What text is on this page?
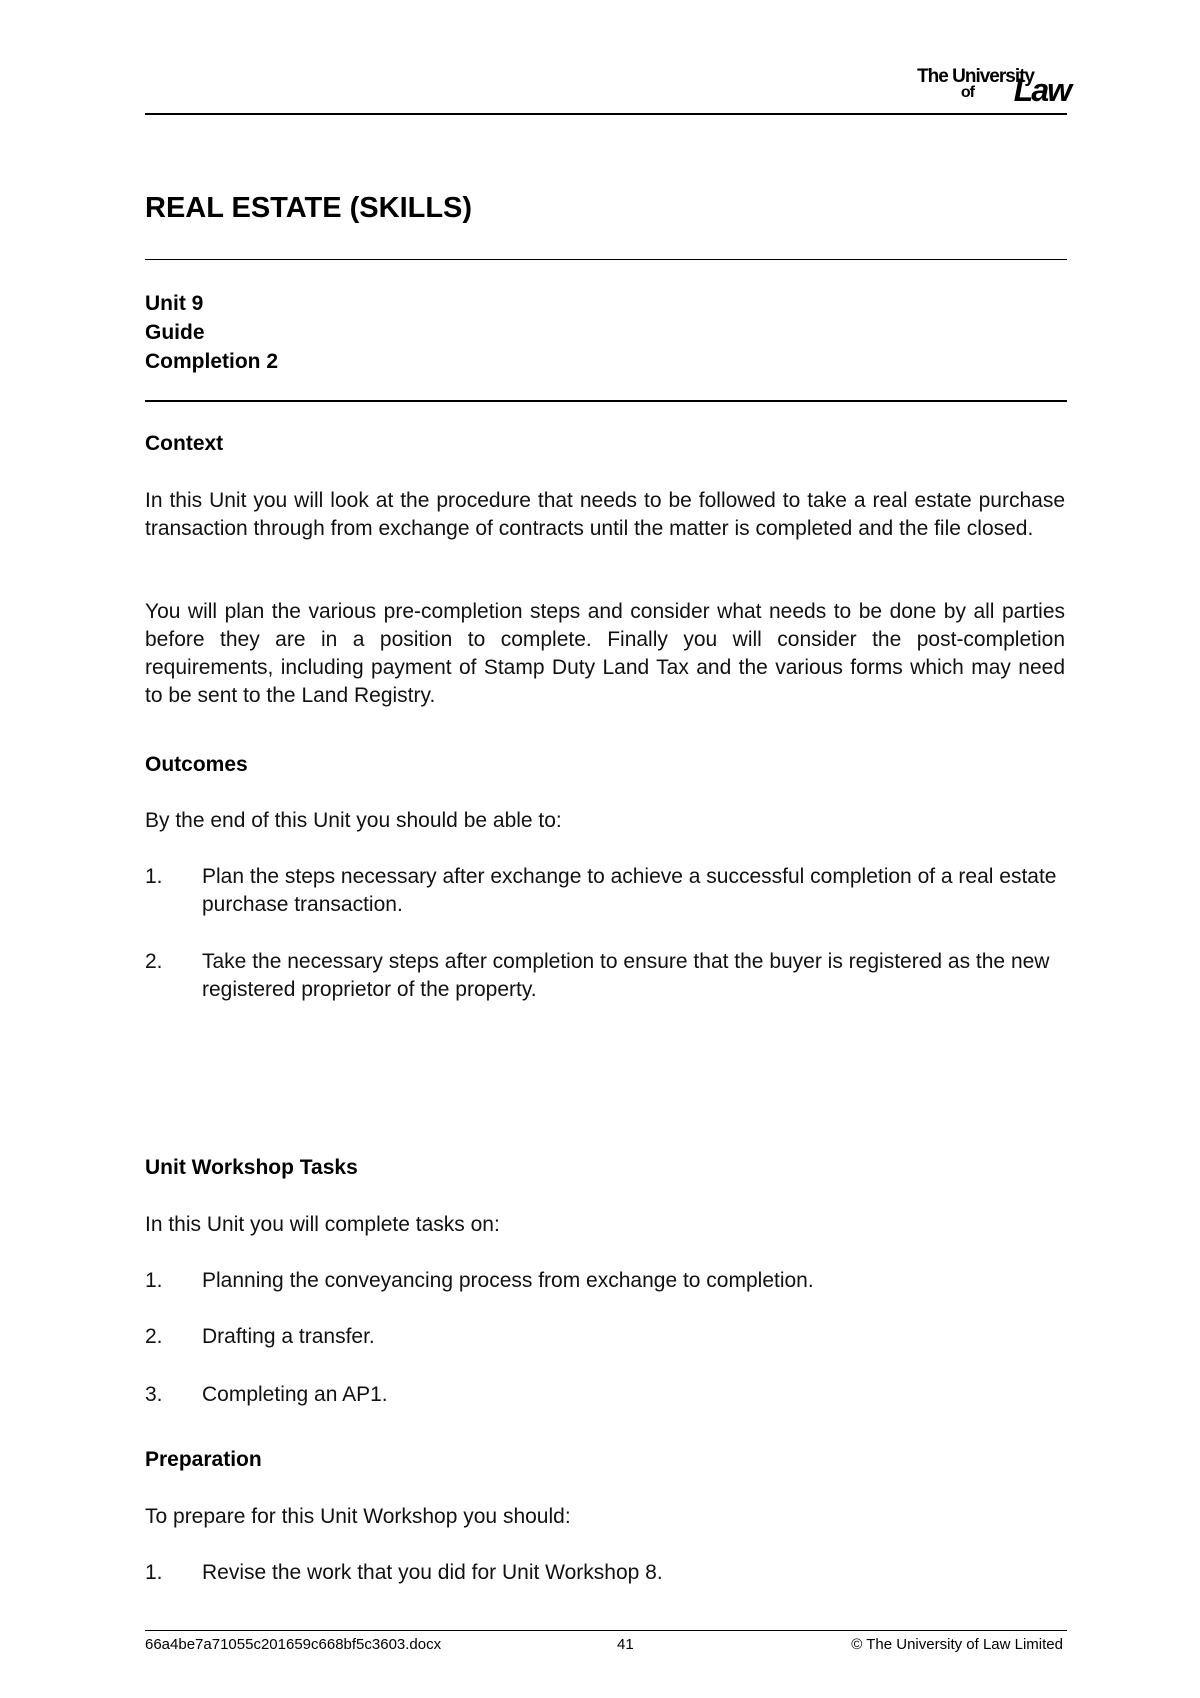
The University
of Law
REAL ESTATE (SKILLS)
Unit 9
Guide
Completion 2
Context

In this Unit you will look at the procedure that needs to be followed to take a real estate purchase transaction through from exchange of contracts until the matter is completed and the file closed.

You will plan the various pre-completion steps and consider what needs to be done by all parties before they are in a position to complete. Finally you will consider the post-completion requirements, including payment of Stamp Duty Land Tax and the various forms which may need to be sent to the Land Registry.

Outcomes

By the end of this Unit you should be able to:

1. Plan the steps necessary after exchange to achieve a successful completion of a real estate purchase transaction.
2. Take the necessary steps after completion to ensure that the buyer is registered as the new registered proprietor of the property.
Unit Workshop Tasks

In this Unit you will complete tasks on:

1. Planning the conveyancing process from exchange to completion.
2. Drafting a transfer.
3. Completing an AP1.
Preparation

To prepare for this Unit Workshop you should:

1. Revise the work that you did for Unit Workshop 8.
66a4be7a71055c201659c668bf5c3603.docx	41	© The University of Law Limited
